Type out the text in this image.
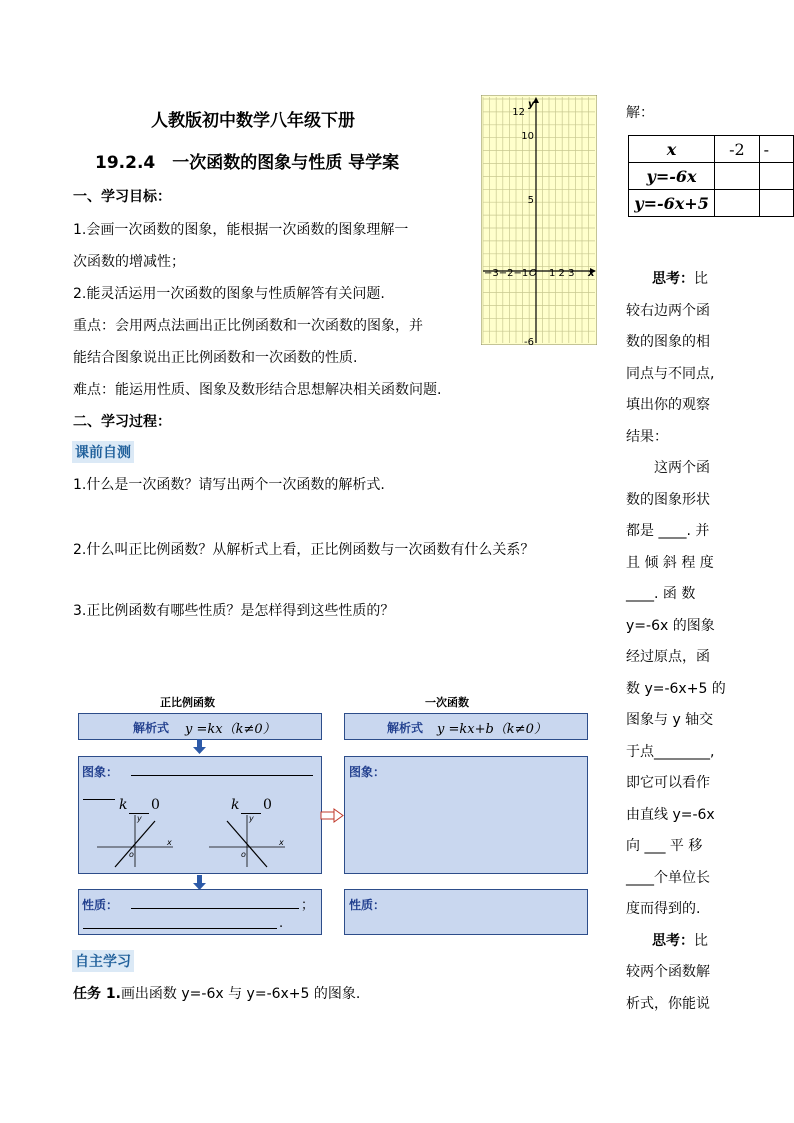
人教版初中数学八年级下册
19.2.4　一次函数的图象与性质 导学案
一、学习目标：
1.会画一次函数的图象，能根据一次函数的图象理解一
次函数的增减性；
2.能灵活运用一次函数的图象与性质解答有关问题.
重点：会用两点法画出正比例函数和一次函数的图象，并
能结合图象说出正比例函数和一次函数的性质.
难点：能运用性质、图象及数形结合思想解决相关函数问题.
二、学习过程：
课前自测
1.什么是一次函数？请写出两个一次函数的解析式.
2.什么叫正比例函数？从解析式上看，正比例函数与一次函数有什么关系？
3.正比例函数有哪些性质？是怎样得到这些性质的？
y
12
10
5
-6
−3−2−1 O 1 2 3 x
正比例函数	一次函数
解析式 y =kx（k≠0）	解析式 y =kx+b（k≠0）
图象：
k 0	k 0
o
y
x
o
y
x
图象：
性质：	；
.
性质：
自主学习
任务 1.画出函数 y=-6x 与 y=-6x+5 的图象.
解：
x	-2	-
y=-6x		
y=-6x+5		
思考：比
较右边两个函
数的图象的相
同点与不同点,
填出你的观察
结果：
这两个函
数的图象形状
都是 ____. 并
且 倾 斜 程 度
____. 函 数
y=-6x 的图象
经过原点，函
数 y=-6x+5 的
图象与 y 轴交
于点________,
即它可以看作
由直线 y=-6x
向 ___ 平 移
____个单位长
度而得到的.
思考：比
较两个函数解
析式，你能说
